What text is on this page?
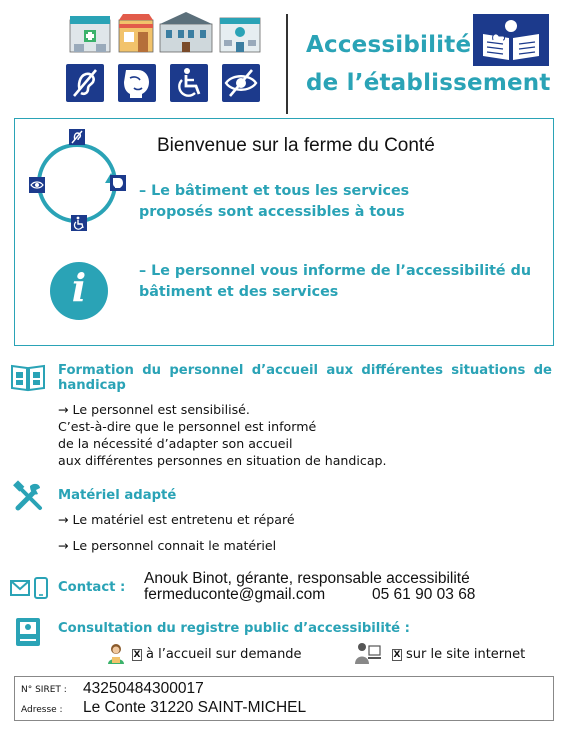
Accessibilité
de l’établissement
Bienvenue sur la ferme du Conté
– Le bâtiment et tous les services proposés sont accessibles à tous
i	– Le personnel vous informe de l’accessibilité du bâtiment et des services
Formation du personnel d’accueil aux différentes situations de handicap
→ Le personnel est sensibilisé.
C’est-à-dire que le personnel est informé
de la nécessité d’adapter son accueil
aux différentes personnes en situation de handicap.
Matériel adapté
→ Le matériel est entretenu et réparé
→ Le personnel connait le matériel
Contact :
Anouk Binot, gérante, responsable accessibilité
fermeduconte@gmail.com	05 61 90 03 68
Consultation du registre public d’accessibilité :
X à l’accueil sur demande	X sur le site internet
N° SIRET : 43250484300017
Adresse : Le Conte 31220 SAINT-MICHEL
